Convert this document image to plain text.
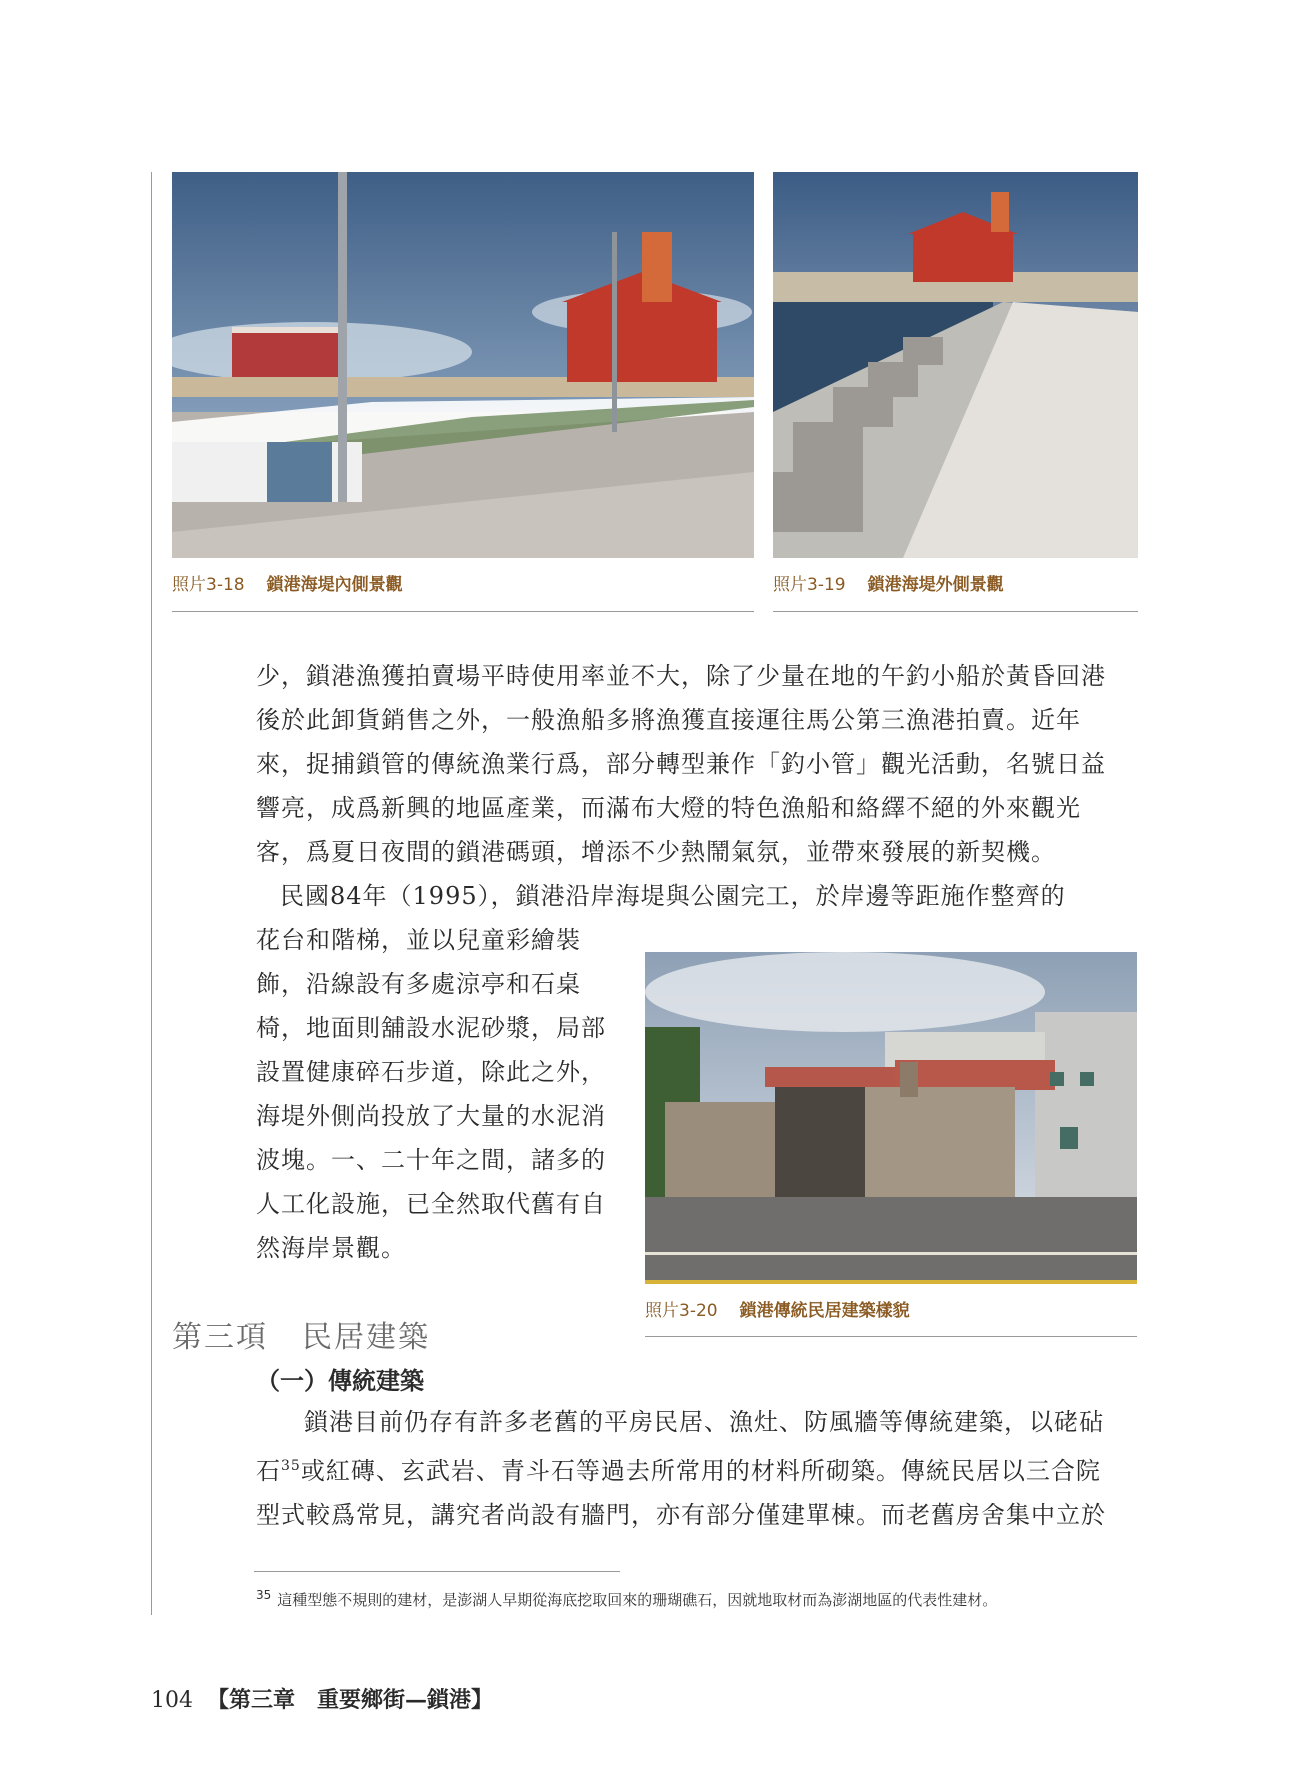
照片3-18 鎖港海堤內側景觀	照片3-19 鎖港海堤外側景觀

少，鎖港漁獲拍賣場平時使用率並不大，除了少量在地的午釣小船於黃昏回港

後於此卸貨銷售之外，一般漁船多將漁獲直接運往馬公第三漁港拍賣。近年

來，捉捕鎖管的傳統漁業行爲，部分轉型兼作「釣小管」觀光活動，名號日益

響亮，成爲新興的地區產業，而滿布大燈的特色漁船和絡繹不絕的外來觀光

客，爲夏日夜間的鎖港碼頭，增添不少熱鬧氣氛，並帶來發展的新契機。

民國84年（1995），鎖港沿岸海堤與公園完工，於岸邊等距施作整齊的

花台和階梯，並以兒童彩繪裝

飾，沿線設有多處涼亭和石桌

椅，地面則舖設水泥砂漿，局部

設置健康碎石步道，除此之外，

海堤外側尚投放了大量的水泥消

波塊。一、二十年之間，諸多的

人工化設施，已全然取代舊有自

然海岸景觀。

照片3-20 鎖港傳統民居建築樣貌
第三項 民居建築
（一）傳統建築

鎖港目前仍存有許多老舊的平房民居、漁灶、防風牆等傳統建築，以硓砧

石$^{35}$或紅磚、玄武岩、青斗石等過去所常用的材料所砌築。傳統民居以三合院

型式較爲常見，講究者尚設有牆門，亦有部分僅建單棟。而老舊房舍集中立於

$^{35}$ 這種型態不規則的建材，是澎湖人早期從海底挖取回來的珊瑚礁石，因就地取材而為澎湖地區的代表性建材。
104 【第三章　重要鄉街—鎖港】
